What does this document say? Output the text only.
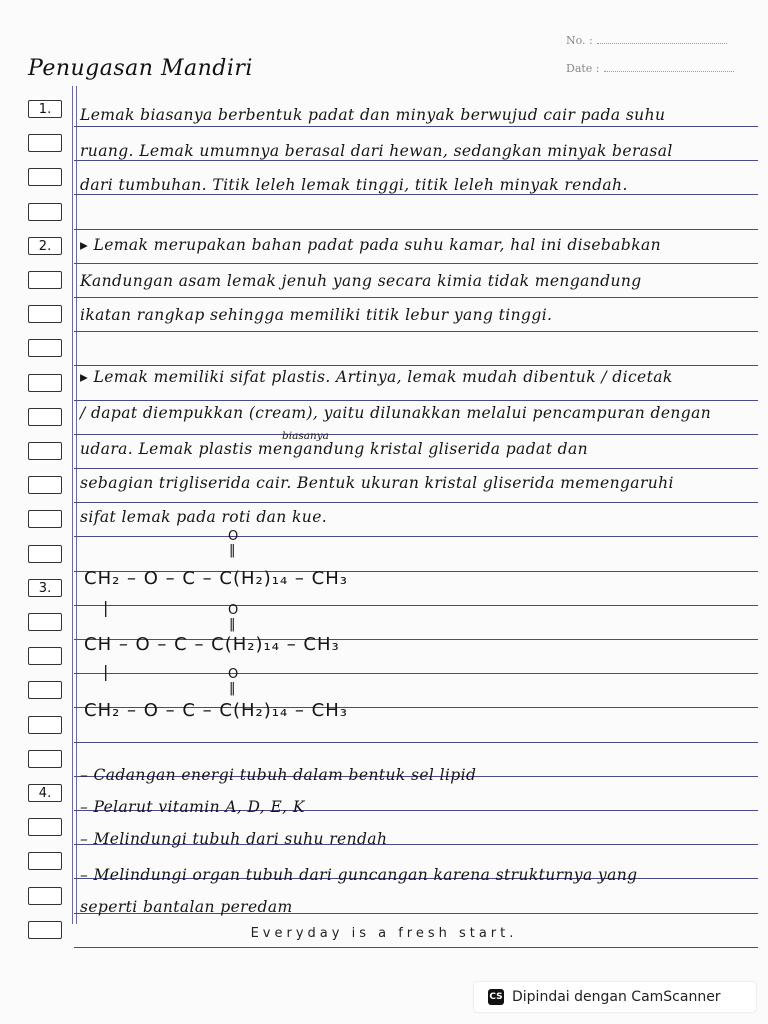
No. :
Date :
Penugasan Mandiri
1.
2.
3.
4.
Lemak biasanya berbentuk padat dan minyak berwujud cair pada suhu
ruang. Lemak umumnya berasal dari hewan, sedangkan minyak berasal
dari tumbuhan. Titik leleh lemak tinggi, titik leleh minyak rendah.
▸ Lemak merupakan bahan padat pada suhu kamar, hal ini disebabkan
Kandungan asam lemak jenuh yang secara kimia tidak mengandung
ikatan rangkap sehingga memiliki titik lebur yang tinggi.
▸ Lemak memiliki sifat plastis. Artinya, lemak mudah dibentuk / dicetak
/ dapat diempukkan (cream), yaitu dilunakkan melalui pencampuran dengan
biasanya
udara. Lemak plastis mengandung kristal gliserida padat dan
sebagian trigliserida cair. Bentuk ukuran kristal gliserida memengaruhi
sifat lemak pada roti dan kue.
O
‖
CH₂ – O – C – C(H₂)₁₄ – CH₃
|	O
‖
CH – O – C – C(H₂)₁₄ – CH₃
|	O
‖
CH₂ – O – C – C(H₂)₁₄ – CH₃
– Cadangan energi tubuh dalam bentuk sel lipid
– Pelarut vitamin A, D, E, K
– Melindungi tubuh dari suhu rendah
– Melindungi organ tubuh dari guncangan karena strukturnya yang
seperti bantalan peredam
Everyday is a fresh start.
CS Dipindai dengan CamScanner
